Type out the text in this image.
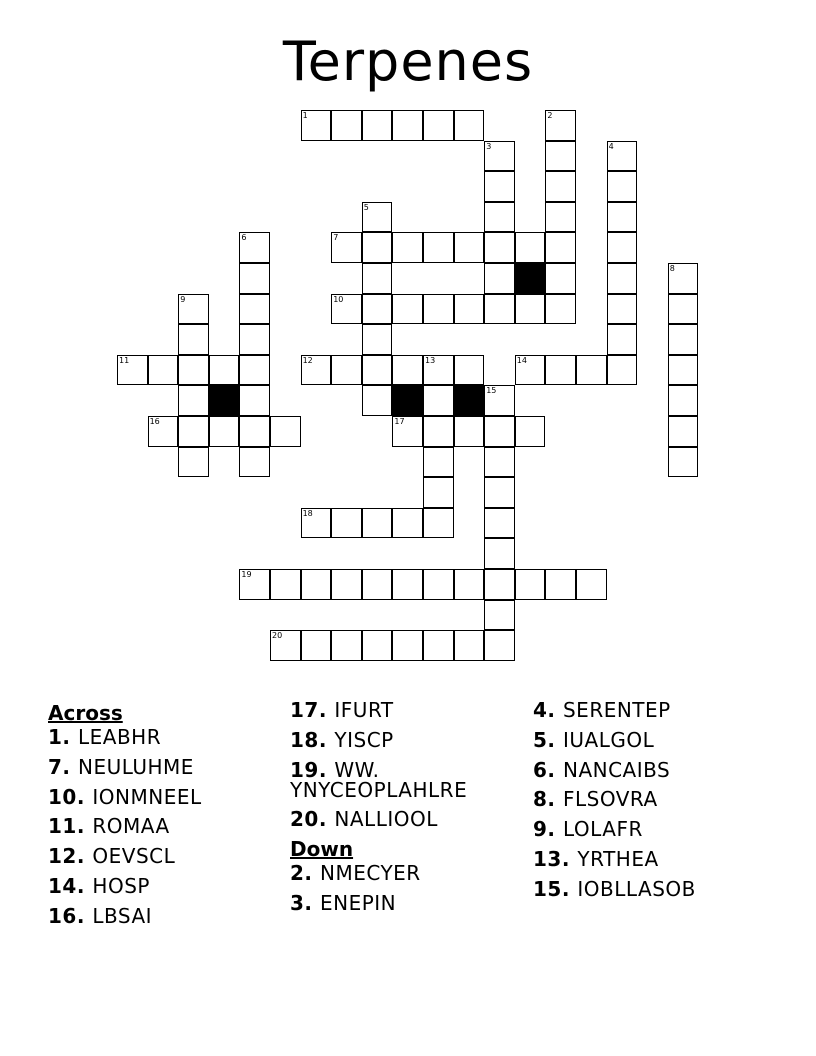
Terpenes
1	2
3	4
5
6	7
8
9	10
11	12	13	14
15
16	17
18
19
20
Across
1. LEABHR
7. NEULUHME
10. IONMNEEL
11. ROMAA
12. OEVSCL
14. HOSP
16. LBSAI
17. IFURT
18. YISCP
19. WW.
YNYCEOPLAHLRE
20. NALLIOOL
Down
2. NMECYER
3. ENEPIN
4. SERENTEP
5. IUALGOL
6. NANCAIBS
8. FLSOVRA
9. LOLAFR
13. YRTHEA
15. IOBLLASOB
